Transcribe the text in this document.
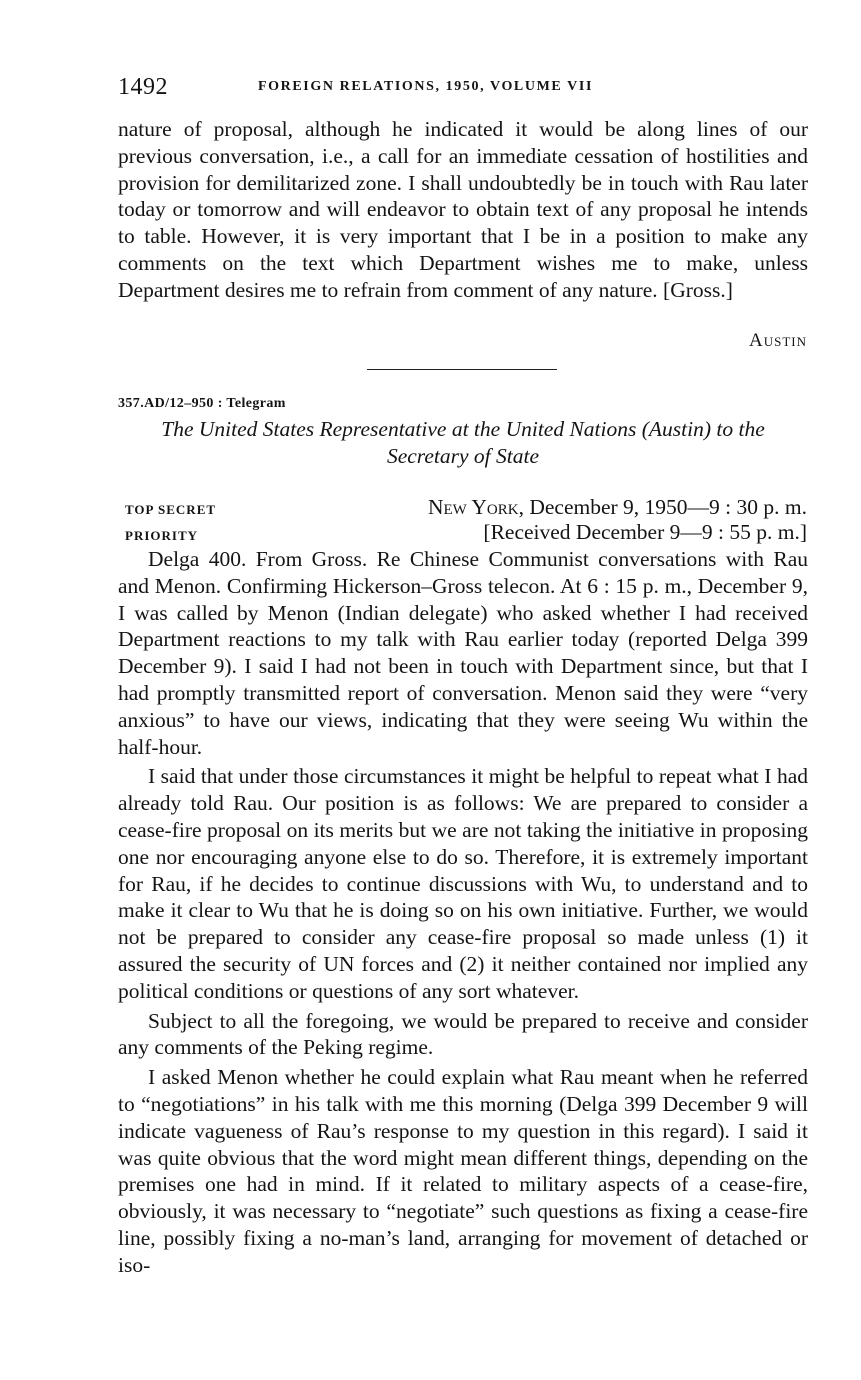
1492	FOREIGN RELATIONS, 1950, VOLUME VII
nature of proposal, although he indicated it would be along lines of our previous conversation, i.e., a call for an immediate cessation of hostilities and provision for demilitarized zone. I shall undoubtedly be in touch with Rau later today or tomorrow and will endeavor to obtain text of any proposal he intends to table. However, it is very important that I be in a position to make any comments on the text which Department wishes me to make, unless Department desires me to refrain from comment of any nature. [Gross.]
Austin
357.AD/12–950 : Telegram
The United States Representative at the United Nations (Austin) to the Secretary of State
TOP SECRET
PRIORITY
New York, December 9, 1950—9 : 30 p. m.
[Received December 9—9 : 55 p. m.]

Delga 400. From Gross. Re Chinese Communist conversations with Rau and Menon. Confirming Hickerson–Gross telecon. At 6 : 15 p. m., December 9, I was called by Menon (Indian delegate) who asked whether I had received Department reactions to my talk with Rau earlier today (reported Delga 399 December 9). I said I had not been in touch with Department since, but that I had promptly transmitted report of conversation. Menon said they were “very anxious” to have our views, indicating that they were seeing Wu within the half-hour.

I said that under those circumstances it might be helpful to repeat what I had already told Rau. Our position is as follows: We are prepared to consider a cease-fire proposal on its merits but we are not taking the initiative in proposing one nor encouraging anyone else to do so. Therefore, it is extremely important for Rau, if he decides to continue discussions with Wu, to understand and to make it clear to Wu that he is doing so on his own initiative. Further, we would not be prepared to consider any cease-fire proposal so made unless (1) it assured the security of UN forces and (2) it neither contained nor implied any political conditions or questions of any sort whatever.

Subject to all the foregoing, we would be prepared to receive and consider any comments of the Peking regime.

I asked Menon whether he could explain what Rau meant when he referred to “negotiations” in his talk with me this morning (Delga 399 December 9 will indicate vagueness of Rau’s response to my question in this regard). I said it was quite obvious that the word might mean different things, depending on the premises one had in mind. If it related to military aspects of a cease-fire, obviously, it was necessary to “negotiate” such questions as fixing a cease-fire line, possibly fixing a no-man’s land, arranging for movement of detached or iso-
